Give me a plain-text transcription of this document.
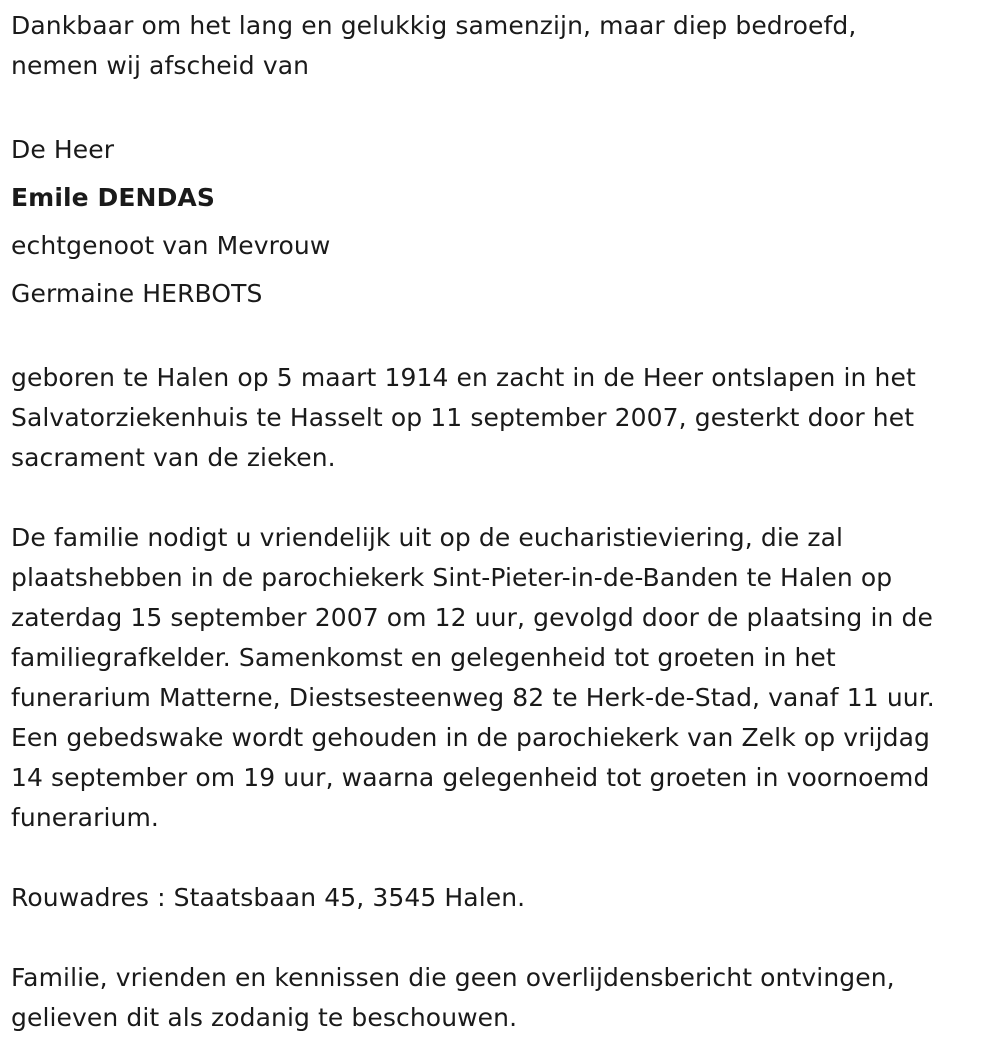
Dankbaar om het lang en gelukkig samenzijn, maar diep bedroefd,

nemen wij afscheid van

De Heer

Emile DENDAS

echtgenoot van Mevrouw

Germaine HERBOTS

geboren te Halen op 5 maart 1914 en zacht in de Heer ontslapen in het

Salvatorziekenhuis te Hasselt op 11 september 2007, gesterkt door het

sacrament van de zieken.

De familie nodigt u vriendelijk uit op de eucharistieviering, die zal

plaatshebben in de parochiekerk Sint-Pieter-in-de-Banden te Halen op

zaterdag 15 september 2007 om 12 uur, gevolgd door de plaatsing in de

familiegrafkelder. Samenkomst en gelegenheid tot groeten in het

funerarium Matterne, Diestsesteenweg 82 te Herk-de-Stad, vanaf 11 uur.

Een gebedswake wordt gehouden in de parochiekerk van Zelk op vrijdag

14 september om 19 uur, waarna gelegenheid tot groeten in voornoemd

funerarium.

Rouwadres : Staatsbaan 45, 3545 Halen.

Familie, vrienden en kennissen die geen overlijdensbericht ontvingen,

gelieven dit als zodanig te beschouwen.
